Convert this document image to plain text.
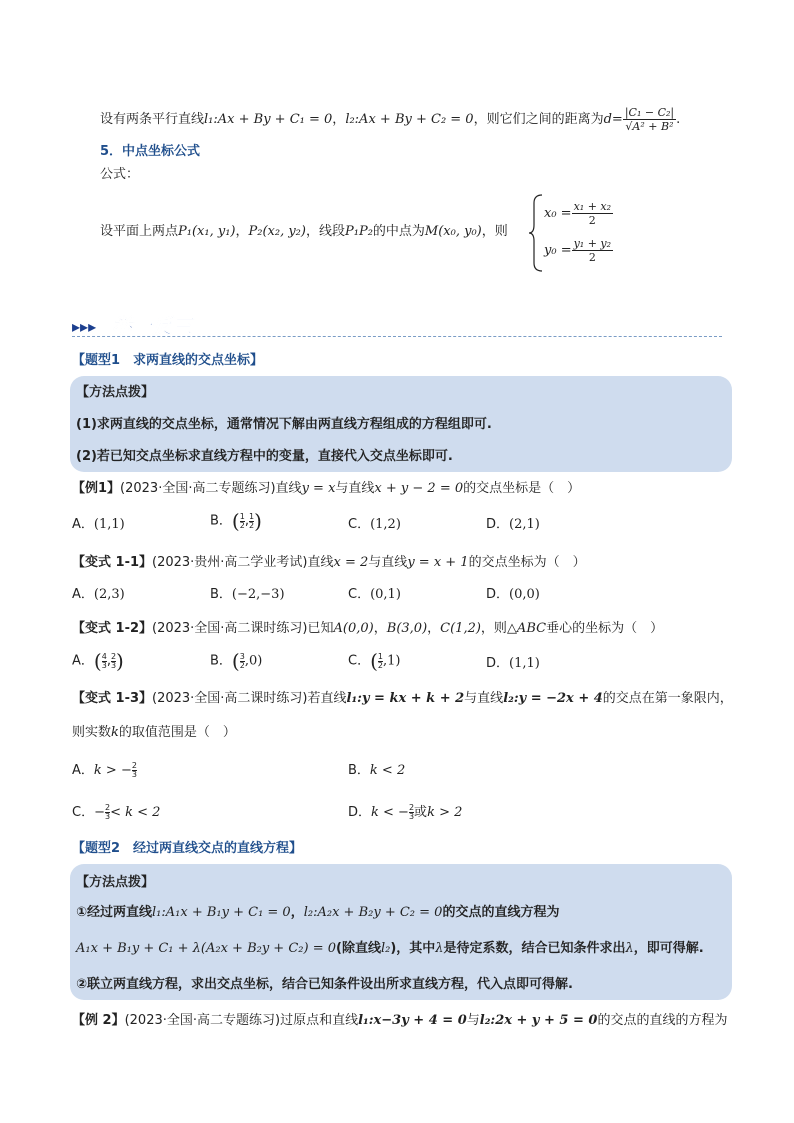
设有两条平行直线l₁:Ax + By + C₁ = 0，l₂:Ax + By + C₂ = 0，则它们之间的距离为$d= \frac{\text{|C₁ − C₂|}}{\text{√A² + B²}}$ .
5．中点坐标公式
公式：
设平面上两点P₁(x₁, y₁)，P₂(x₂, y₂)，线段P₁P₂的中点为M(x₀, y₀)，则
$x_0 = \frac{\text{x₁ + x₂}}{2}$
$y_0 = \frac{\text{y₁ + y₂}}{2}$
▸▸▸ 举一反三
【题型1　求两直线的交点坐标】
【方法点拨】
(1)求两直线的交点坐标，通常情况下解由两直线方程组成的方程组即可.
(2)若已知交点坐标求直线方程中的变量，直接代入交点坐标即可.
【例1】(2023·全国·高二专题练习)直线y = x与直线x + y − 2 = 0的交点坐标是（　）
A．(1,1)	B．( $\frac{1}{2}$ , $\frac{1}{2}$ )	C．(1,2)	D．(2,1)
【变式 1-1】(2023·贵州·高二学业考试)直线x = 2与直线y = x + 1的交点坐标为（　）
A．(2,3)	B．(−2,−3)	C．(0,1)	D．(0,0)
【变式 1-2】(2023·全国·高二课时练习)已知A(0,0)，B(3,0)，C(1,2)，则△ABC垂心的坐标为（　）
A．( $\frac{4}{3}$ , $\frac{2}{3}$ )	B．( $\frac{3}{2} ,0$)	C．( $\frac{1}{2} ,1$)	D．(1,1)
【变式 1-3】(2023·全国·高二课时练习)若直线l₁:y = kx + k + 2与直线l₂:y = −2x + 4的交点在第一象限内，
则实数k的取值范围是（　）
A．k > − $\frac{2}{3}$	B．k < 2
C．− $\frac{2}{3} < k < 2$	D．k < − $\frac{2}{3}$ 或k > 2
【题型2　经过两直线交点的直线方程】
【方法点拨】
①经过两直线l₁:A₁x + B₁y + C₁ = 0，l₂:A₂x + B₂y + C₂ = 0的交点的直线方程为
A₁x + B₁y + C₁ + λ(A₂x + B₂y + C₂) = 0(除直线l₂)，其中λ是待定系数，结合已知条件求出λ，即可得解.
②联立两直线方程，求出交点坐标，结合已知条件设出所求直线方程，代入点即可得解.
【例 2】(2023·全国·高二专题练习)过原点和直线l₁:x−3y + 4 = 0与l₂:2x + y + 5 = 0的交点的直线的方程为
